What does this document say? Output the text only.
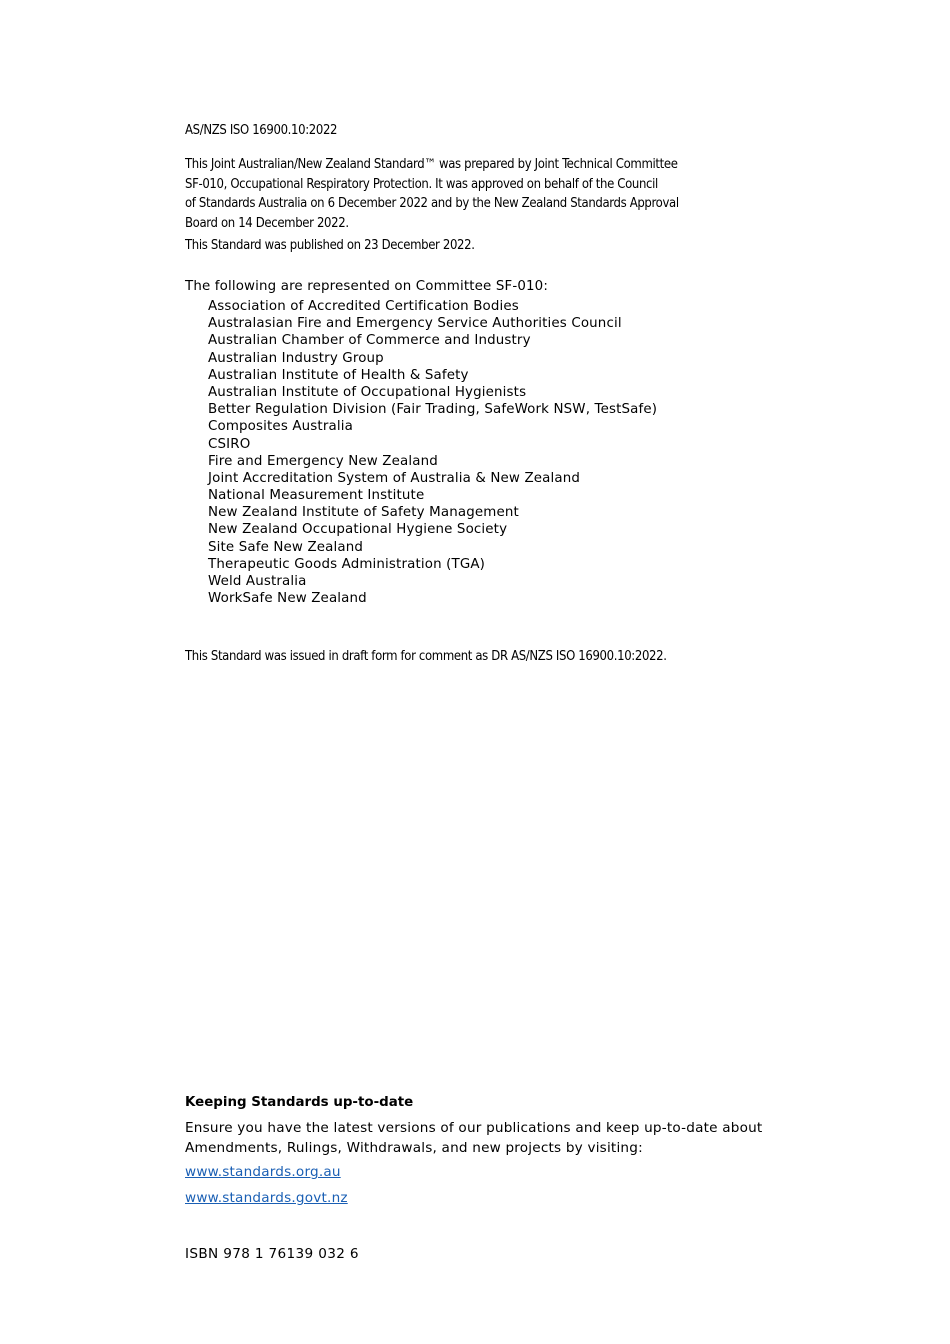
AS/NZS ISO 16900.10:2022
This Joint Australian/New Zealand Standard™ was prepared by Joint Technical Committee
SF-010, Occupational Respiratory Protection. It was approved on behalf of the Council
of Standards Australia on 6 December 2022 and by the New Zealand Standards Approval
Board on 14 December 2022.
This Standard was published on 23 December 2022.
The following are represented on Committee SF-010:
Association of Accredited Certification Bodies
Australasian Fire and Emergency Service Authorities Council
Australian Chamber of Commerce and Industry
Australian Industry Group
Australian Institute of Health & Safety
Australian Institute of Occupational Hygienists
Better Regulation Division (Fair Trading, SafeWork NSW, TestSafe)
Composites Australia
CSIRO
Fire and Emergency New Zealand
Joint Accreditation System of Australia & New Zealand
National Measurement Institute
New Zealand Institute of Safety Management
New Zealand Occupational Hygiene Society
Site Safe New Zealand
Therapeutic Goods Administration (TGA)
Weld Australia
WorkSafe New Zealand
This Standard was issued in draft form for comment as DR AS/NZS ISO 16900.10:2022.
Keeping Standards up-to-date
Ensure you have the latest versions of our publications and keep up-to-date about
Amendments, Rulings, Withdrawals, and new projects by visiting:
www.standards.org.au
www.standards.govt.nz
ISBN 978 1 76139 032 6
